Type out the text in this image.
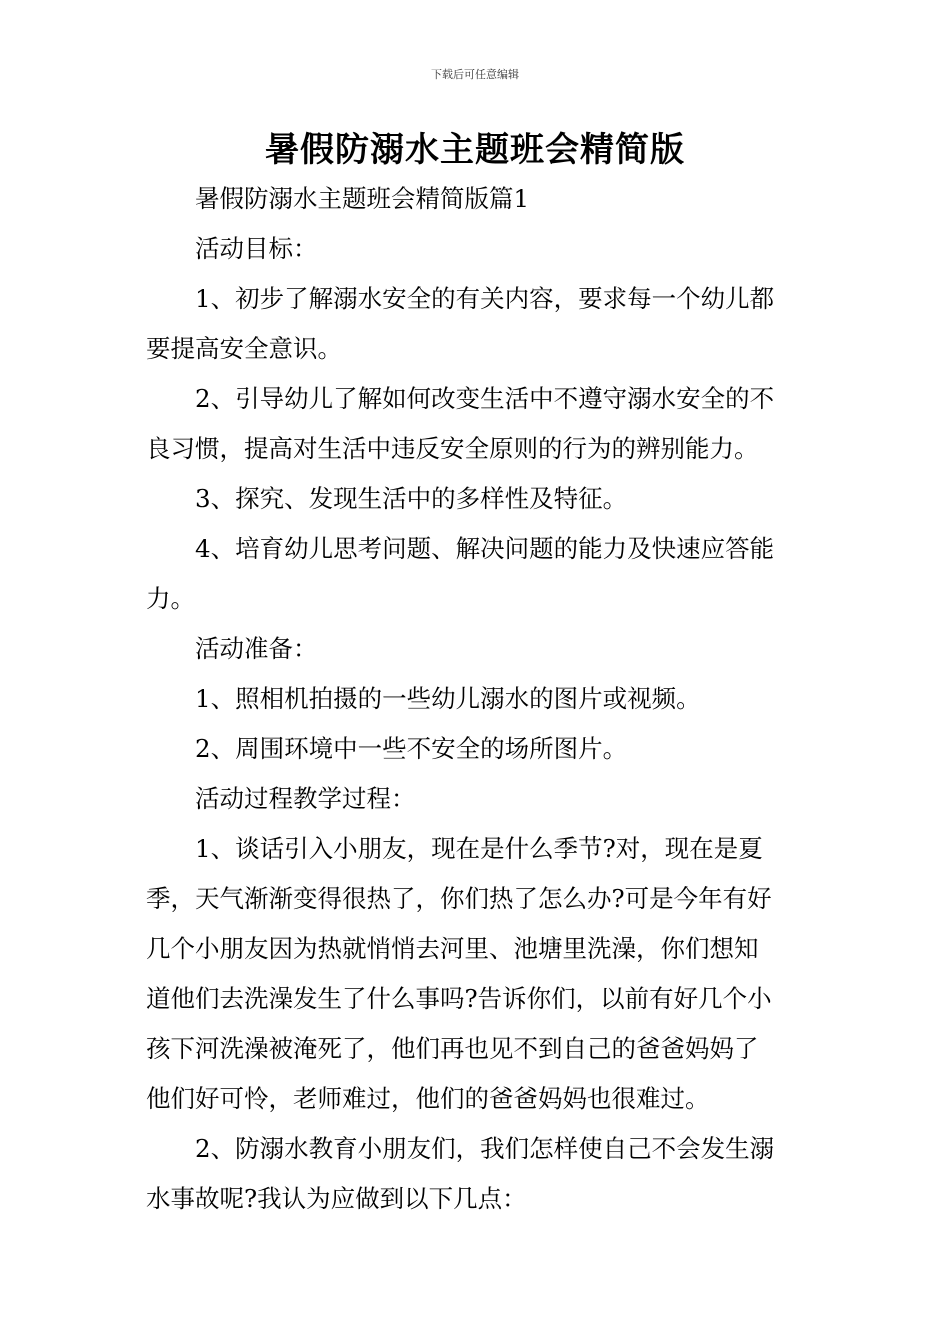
下载后可任意编辑
暑假防溺水主题班会精简版

暑假防溺水主题班会精简版篇1

活动目标：

1、初步了解溺水安全的有关内容，要求每一个幼儿都
要提高安全意识。

2、引导幼儿了解如何改变生活中不遵守溺水安全的不
良习惯，提高对生活中违反安全原则的行为的辨别能力。

3、探究、发现生活中的多样性及特征。

4、培育幼儿思考问题、解决问题的能力及快速应答能
力。

活动准备：

1、照相机拍摄的一些幼儿溺水的图片或视频。

2、周围环境中一些不安全的场所图片。

活动过程教学过程：

1、谈话引入小朋友，现在是什么季节?对，现在是夏
季，天气渐渐变得很热了，你们热了怎么办?可是今年有好
几个小朋友因为热就悄悄去河里、池塘里洗澡，你们想知
道他们去洗澡发生了什么事吗?告诉你们，以前有好几个小
孩下河洗澡被淹死了，他们再也见不到自己的爸爸妈妈了
他们好可怜，老师难过，他们的爸爸妈妈也很难过。

2、防溺水教育小朋友们，我们怎样使自己不会发生溺
水事故呢?我认为应做到以下几点：
